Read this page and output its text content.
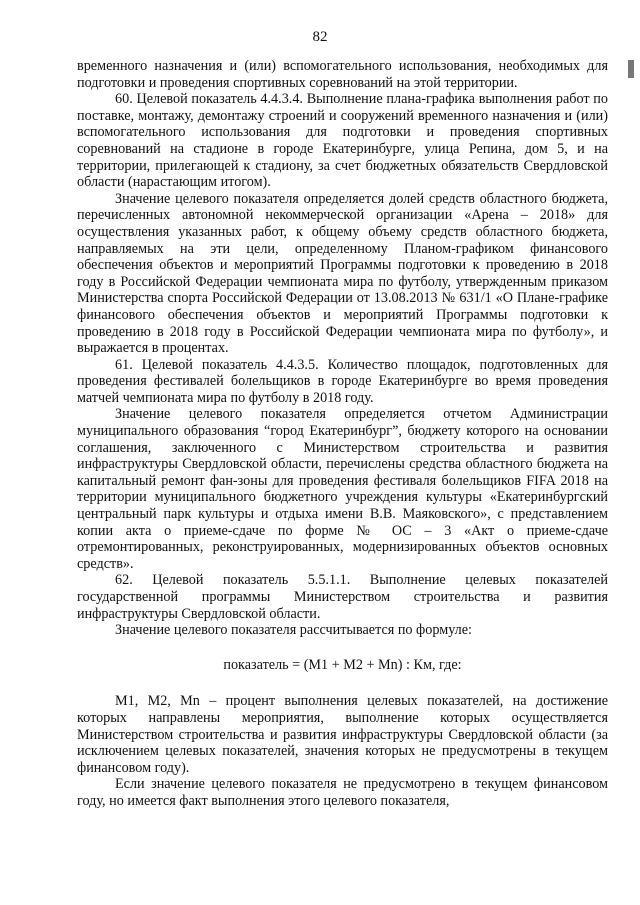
82

временного назначения и (или) вспомогательного использования, необходимых для подготовки и проведения спортивных соревнований на этой территории.

60. Целевой показатель 4.4.3.4. Выполнение плана-графика выполнения работ по поставке, монтажу, демонтажу строений и сооружений временного назначения и (или) вспомогательного использования для подготовки и проведения спортивных соревнований на стадионе в городе Екатеринбурге, улица Репина, дом 5, и на территории, прилегающей к стадиону, за счет бюджетных обязательств Свердловской области (нарастающим итогом).

Значение целевого показателя определяется долей средств областного бюджета, перечисленных автономной некоммерческой организации «Арена – 2018» для осуществления указанных работ, к общему объему средств областного бюджета, направляемых на эти цели, определенному Планом-графиком финансового обеспечения объектов и мероприятий Программы подготовки к проведению в 2018 году в Российской Федерации чемпионата мира по футболу, утвержденным приказом Министерства спорта Российской Федерации от 13.08.2013 № 631/1 «О Плане-графике финансового обеспечения объектов и мероприятий Программы подготовки к проведению в 2018 году в Российской Федерации чемпионата мира по футболу», и выражается в процентах.

61. Целевой показатель 4.4.3.5. Количество площадок, подготовленных для проведения фестивалей болельщиков в городе Екатеринбурге во время проведения матчей чемпионата мира по футболу в 2018 году.

Значение целевого показателя определяется отчетом Администрации муниципального образования “город Екатеринбург”, бюджету которого на основании соглашения, заключенного с Министерством строительства и развития инфраструктуры Свердловской области, перечислены средства областного бюджета на капитальный ремонт фан-зоны для проведения фестиваля болельщиков FIFA 2018 на территории муниципального бюджетного учреждения культуры «Екатеринбургский центральный парк культуры и отдыха имени В.В. Маяковского», с представлением копии акта о приеме-сдаче по форме № ОС – 3 «Акт о приеме-сдаче отремонтированных, реконструированных, модернизированных объектов основных средств».

62. Целевой показатель 5.5.1.1. Выполнение целевых показателей государственной программы Министерством строительства и развития инфраструктуры Свердловской области.

Значение целевого показателя рассчитывается по формуле:

показатель = (M1 + M2 + Mn) : Км, где:

M1, M2, Mn – процент выполнения целевых показателей, на достижение которых направлены мероприятия, выполнение которых осуществляется Министерством строительства и развития инфраструктуры Свердловской области (за исключением целевых показателей, значения которых не предусмотрены в текущем финансовом году).

Если значение целевого показателя не предусмотрено в текущем финансовом году, но имеется факт выполнения этого целевого показателя,
